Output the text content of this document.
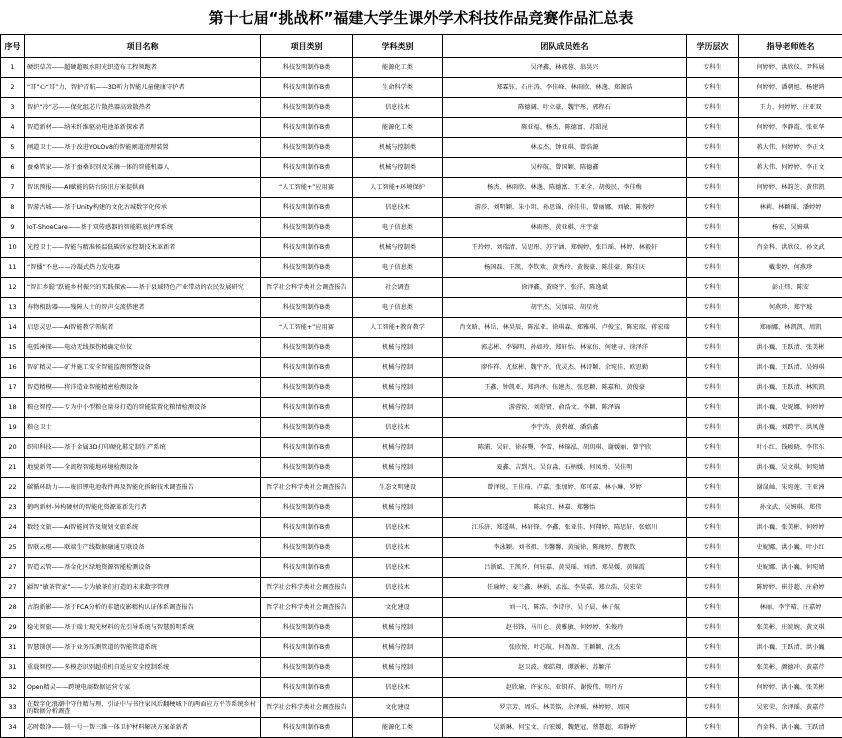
第十七届“挑战杯”福建大学生课外学术科技作品竞赛作品汇总表
序号	项目名称	项目类别	学科类别	团队成员姓名	学历层次	指导老师姓名
1	硬织草苫——超硬超吸水阳光织造布工程领跑者	科技发明制作B类	能源化工类	吴泽鑫、林郭蓉、翁昊兴	专科生	何婷婷、洪欣仪、尹科展
2	“耳”心“耳”力，智护青航——3D听力智能儿童健康守护者	科技发明制作B类	生命科学类	郑霖钰、石庄涛、李佳峰、林雨欣、林逸、郑源浩	专科生	何婷婷、潘朝旭、杨建鸿
3	智护“冷”芯——保化组芯片散热器高效散热者	科技发明制作B类	信息技术	陈德阔、叶立豪、魏宇彤、郭程石	专科生	王力、何婷婷、庄亚双
4	智造新材——纳米纤维驱动电池革新探索者	科技发明制作B类	能源化工类	陈亚福、杨杰、陈德富、苏昭昆	专科生	何婷婷、李静霞、张亚华
5	闸道卫士——基于改进YOLOv8的智能闸道清理装置	科技发明制作B类	机械与控制类	林孟杰、钟亚琪、曾浩源	专科生	蒋大伟、何婷婷、李正文
6	蚕桑管家——基于蚕桑识别及采摘一体的智能机器人	科技发明制作B类	机械与控制类	吴梓航、曾国颖、陈德鑫	专科生	蒋大伟、何婷婷、李正文
7	智讯预报——AI赋能的防台防汛方案提供商	“人工智能+”应用赛	人工智能+环境保护	杨杰、林雨欣、林逸、陈德富、王亚全、胡俊民、李佳梅	专科生	何婷婷、林韵芝、黄伟凯
8	智游古城——基于Unity构建的文化古城数字化传承	科技发明制作B类	信息技术	游莎、刘明颖、朱小玥、孙思锦、徐佳佳、曾丽娜、刘敏、陈俊婷	专科生	林莉、林颖瑶、潘婷婷
9	IoT-ShoeCare——基于双传感器的智能鞋底护理系统	科技发明制作B类	电子信息类	林雨彤、黄亚棋、庄宇豪	专科生	杨宏、吴姆琪
10	光控卫士——智能与精准候温低碳居家控制技术革新者	科技发明制作B类	机械与控制类	王玲婷、刘瑞清、吴思彤、苏宁涵、郑婉婷、张巨瑶、林婷、林毅轩	专科生	肖金科、洪欣仪、孙文武
11	“智播”不息——冷凝式热力发电器	科技发明制作B类	电子信息类	杨国磊、王凯、李钦欢、黄秀玲、黄俊豪、陈佳豪、陈佳庆	专科生	戴斐婷、何燕珍
12	“智汇乡聪”跃能乡村振兴的实践探索——基于县域特色产业带动的农民发展研究	哲学社会科学类社会调查报告	社会调查	徐泽鑫、黄晓宇、张洋、陈逸斌	专科生	彭正炜、陈安
13	寿物相助器——残障人士的智声交流搭建者	科技发明制作B类	电子信息类	胡宇杰、吴加培、胡星亮	专科生	何燕珍、郑宇坡
14	启思灵思——AI智能教学领航者	“人工智能+”应用赛	人工智能+教育教学	肖文晗、林岳、林昊辰、陈泓亚、徐琪森、郑雅琪、卢俊宝、陈宏瑞、蒋宏瑞	专科生	郑丽娜、林凯凯、周凯
15	电弧神探——电动无线探伤精确定位仪	科技发明制作B类	机械与控制	郭志彬、李锦明、孙如玲、郑轩怡、林家伍、何建寻、徐泽洋	专科生	洪小巍、王跃清、张美彬
16	智矿精灵——矿井施工安全智能监测预警设备	科技发明制作B类	机械与控制	廖作祥、尤炫彬、魏宇乔、优灵杰、林诗颖、余宛佳、欧思勤	专科生	洪小巍、王跃清、吴姆琪
17	智造精模——将洋造业智能精密检测设备	科技发明制作B类	机械与控制	王鑫、钟凯亚、郑鸿泽、伍建杰、张思颖、陈嘉和、黄俊豪	专科生	洪小巍、王跃清、林凯凯
18	粮仓智控——专为中小型粮仓量身打造的智能装置化粮情检测设备	科技发明制作B类	机械与控制	游蓉锐、刘舒贤、俞浩文、李颖、陈泽锦	专科生	洪小巍、史妮娜、何婷婷
19	粮仓卫士	科技发明制作B类	信息技术	李宇涛、黄碧蕴、潘浩鑫	专科生	洪小巍、刘跨宇、洪凤莲
20	织印科技——基于金属3D打印硬化鞋定制生产系统	科技发明制作B类	机械与控制	陈浦、吴轩、徐春龑、李雪、林锦泓、胡玥琪、谢媛丽、曾宇欣	专科生	叶小红、钱峻晓、李伟东
21	地貌新驾——全流程智能地环境检测设备	科技发明制作B类	机械与控制	夏鑫、吉到凡、吴育淼、石柄媛、何凤勇、吴佳明	专科生	洪小巍、吴文琪、何宛婧
22	碳循环助力——废旧锂电池收件再及智能化拆解技术调查报告	哲学社会科学类社会调查报告	生态文明建设	曾泽锐、王佳琦、卢嘉、张加婷、郑可嘉、林小琳、罗婷	专科生	谢晟屾、朱宛莲、王亚洲
23	鹤鸣新材-异构硬材的智能化资源革新先行者	科技发明制作B类	机械与控制	陈泉宜、林嘉、郑馨怡	专科生	孙文武、吴姆琪、郑伟
24	数经文旅——AI智能问答及规划文旅系统	科技发明制作B类	信息技术	江乐济、郑遥琪、林轩锋、李鑫、张亚佳、何翔婷、陈思轩、张嬉川	专科生	洪小巍、张美彬、何婷婷
25	智联云枢——联端生产线数据融通互联设备	科技发明制作B类	信息技术	李泳颖、刘书祖、韦馨馨、黄展徐、陈琬婷、曹靓钦	专科生	史妮娜、洪小巍、叶小红
27	智造云管——基金化区绿地资源智能检测设备	科技发明制作B类	信息技术	吕浙斌、王凯乔、何钰嘉、黄昊瑶、刘清、郑昊媛、黄锦霞	专科生	史妮娜、洪小巍、何宛婧
27	疆智“敏茶管家”——专为敏茶们打造的未来数字管理	哲学社会科学类社会调查报告	信息技术	任瑜婷、麦兰鑫、林娟、孟泓、李昊嘉、郑立浩、吴宏荣	专科生	陈婷婷、崔芬超、庄俞婷
28	古韵新影——基于FCA分析的非遗皮影精构认证体系调查报告	哲学社会科学类社会调查报告	文化建设	刘一凡、陈浩、李诗序、吴子晨、林子航	专科生	林丽、李宇晴、庄嘉婷
29	稳光智旅——基于瑞士现光材料的光引导系统与智慧照明系统	科技发明制作B类	机械与控制	赵书锋、马川仑、黄雅敏、何婷婷、朱俊玲	专科生	张美彬、庄皖婉、黄文琪
31	智慧锁创——基于业务压测管道的智能管道系统	科技发明制作B类	机械与控制	张欣悦、叶芯航、何盈盈、王颖颖、沈杰	专科生	洪小巍、王跃清、洪小巍
31	重载智控——多模态识别超重机自适应安全控制系统	科技发明制作B类	机械与控制	赵卫波、郑皓翔、谭新彬、苏颖洋	专科生	张美彬、颜德冲、黄嘉芹
32	Open精灵——跨境电商数据运营专家	科技发明制作B类	信息技术	赵欣瑜、许家东、亚钥祥、谢俊伟、明丹方	专科生	何婷婷、洪小巍、张美彬
33	在数字化浪潮中守住精与理，引证中与书往家风后翻梗城下的两面应方平等系统乡村的数据分析调查	哲学社会科学类社会调查报告	文化建设	罗宗芳、周乐、林美铭、余泽瑶、林婷婷、周国	专科生	吴宏荣、余泽瑶、黄嘉芹
34	芯时数净——锁一号一帮三维一体卫护材料解决方案革新者	科技发明制作B类	能源化工类	吴新琳、何宝文、白宏媛、魏楚冠、蔡慧超、邓静婷	专科生	肖金科、洪小巍、王跃清
